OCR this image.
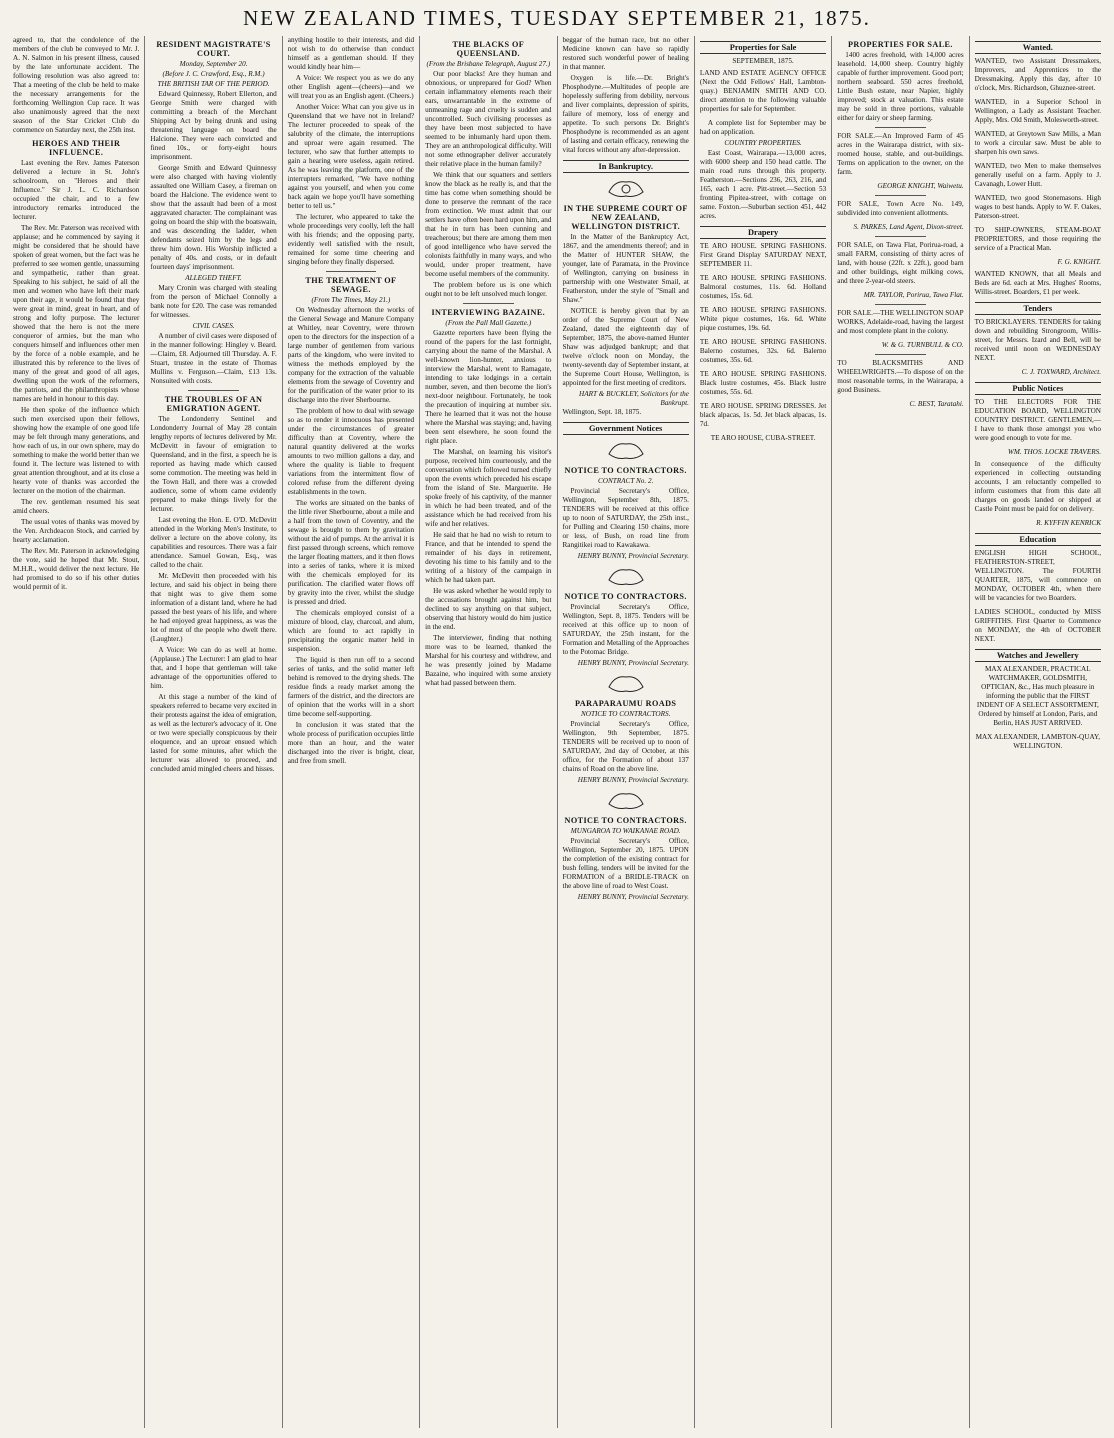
NEW ZEALAND TIMES, TUESDAY SEPTEMBER 21, 1875.

agreed to, that the condolence of the members of the club be conveyed to Mr. J. A. N. Salmon in his present illness, caused by the late unfortunate accident. The following resolution was also agreed to: That a meeting of the club be held to make the necessary arrangements for the forthcoming Wellington Cup race. It was also unanimously agreed that the next season of the Star Cricket Club do commence on Saturday next, the 25th inst.

HEROES AND THEIR INFLUENCE.

Last evening the Rev. James Paterson delivered a lecture in St. John's schoolroom, on "Heroes and their Influence." Sir J. L. C. Richardson occupied the chair, and to a few introductory remarks introduced the lecturer.

The Rev. Mr. Paterson was received with applause; and he commenced by saying it might be considered that he should have spoken of great women, but the fact was he preferred to see women gentle, unassuming and sympathetic, rather than great. Speaking to his subject, he said of all the men and women who have left their mark upon their age, it would be found that they were great in mind, great in heart, and of strong and lofty purpose. The lecturer showed that the hero is not the mere conqueror of armies, but the man who conquers himself and influences other men by the force of a noble example, and he illustrated this by reference to the lives of many of the great and good of all ages, dwelling upon the work of the reformers, the patriots, and the philanthropists whose names are held in honour to this day.

He then spoke of the influence which such men exercised upon their fellows, showing how the example of one good life may be felt through many generations, and how each of us, in our own sphere, may do something to make the world better than we found it. The lecture was listened to with great attention throughout, and at its close a hearty vote of thanks was accorded the lecturer on the motion of the chairman.

The rev. gentleman resumed his seat amid cheers.

The usual votes of thanks was moved by the Ven. Archdeacon Stock, and carried by hearty acclamation.

The Rev. Mr. Paterson in acknowledging the vote, said he hoped that Mr. Stout, M.H.R., would deliver the next lecture. He had promised to do so if his other duties would permit of it.

RESIDENT MAGISTRATE'S COURT.
Monday, September 20.
(Before J. C. Crawford, Esq., R.M.)
THE BRITISH TAR OF THE PERIOD.

Edward Quinnessy, Robert Ellerton, and George Smith were charged with committing a breach of the Merchant Shipping Act by being drunk and using threatening language on board the Halcione. They were each convicted and fined 10s., or forty-eight hours imprisonment.

George Smith and Edward Quinnessy were also charged with having violently assaulted one William Casey, a fireman on board the Halcione. The evidence went to show that the assault had been of a most aggravated character. The complainant was going on board the ship with the boatswain, and was descending the ladder, when defendants seized him by the legs and threw him down. His Worship inflicted a penalty of 40s. and costs, or in default fourteen days' imprisonment.

ALLEGED THEFT.

Mary Cronin was charged with stealing from the person of Michael Connolly a bank note for £20. The case was remanded for witnesses.

CIVIL CASES.

A number of civil cases were disposed of in the manner following: Hingley v. Beard.—Claim, £8. Adjourned till Thursday. A. F. Stuart, trustee in the estate of Thomas Mullins v. Ferguson.—Claim, £13 13s. Nonsuited with costs.

THE TROUBLES OF AN EMIGRATION AGENT.

The Londonderry Sentinel and Londonderry Journal of May 28 contain lengthy reports of lectures delivered by Mr. McDevitt in favour of emigration to Queensland, and in the first, a speech he is reported as having made which caused some commotion. The meeting was held in the Town Hall, and there was a crowded audience, some of whom came evidently prepared to make things lively for the lecturer.

Last evening the Hon. E. O'D. McDevitt attended in the Working Men's Institute, to deliver a lecture on the above colony, its capabilities and resources. There was a fair attendance. Samuel Gowan, Esq., was called to the chair.

Mr. McDevitt then proceeded with his lecture, and said his object in being there that night was to give them some information of a distant land, where he had passed the best years of his life, and where he had enjoyed great happiness, as was the lot of most of the people who dwelt there. (Laughter.)

A Voice: We can do as well at home. (Applause.) The Lecturer: I am glad to hear that, and I hope that gentleman will take advantage of the opportunities offered to him.

At this stage a number of the kind of speakers referred to became very excited in their protests against the idea of emigration, as well as the lecturer's advocacy of it. One or two were specially conspicuous by their eloquence, and an uproar ensued which lasted for some minutes, after which the lecturer was allowed to proceed, and concluded amid mingled cheers and hisses.

anything hostile to their interests, and did not wish to do otherwise than conduct himself as a gentleman should. If they would kindly hear him—

A Voice: We respect you as we do any other English agent—(cheers)—and we will treat you as an English agent. (Cheers.)

Another Voice: What can you give us in Queensland that we have not in Ireland? The lecturer proceeded to speak of the salubrity of the climate, the interruptions and uproar were again resumed. The lecturer, who saw that further attempts to gain a hearing were useless, again retired. As he was leaving the platform, one of the interrupters remarked, "We have nothing against you yourself, and when you come back again we hope you'll have something better to tell us."

The lecturer, who appeared to take the whole proceedings very coolly, left the hall with his friends; and the opposing party, evidently well satisfied with the result, remained for some time cheering and singing before they finally dispersed.

THE TREATMENT OF SEWAGE.
(From The Times, May 21.)

On Wednesday afternoon the works of the General Sewage and Manure Company at Whitley, near Coventry, were thrown open to the directors for the inspection of a large number of gentlemen from various parts of the kingdom, who were invited to witness the methods employed by the company for the extraction of the valuable elements from the sewage of Coventry and for the purification of the water prior to its discharge into the river Sherbourne.

The problem of how to deal with sewage so as to render it innocuous has presented under the circumstances of greater difficulty than at Coventry, where the natural quantity delivered at the works amounts to two million gallons a day, and where the quality is liable to frequent variations from the intermittent flow of colored refuse from the different dyeing establishments in the town.

The works are situated on the banks of the little river Sherbourne, about a mile and a half from the town of Coventry, and the sewage is brought to them by gravitation without the aid of pumps. At the arrival it is first passed through screens, which remove the larger floating matters, and it then flows into a series of tanks, where it is mixed with the chemicals employed for its purification. The clarified water flows off by gravity into the river, whilst the sludge is pressed and dried.

The chemicals employed consist of a mixture of blood, clay, charcoal, and alum, which are found to act rapidly in precipitating the organic matter held in suspension.

The liquid is then run off to a second series of tanks, and the solid matter left behind is removed to the drying sheds. The residue finds a ready market among the farmers of the district, and the directors are of opinion that the works will in a short time become self-supporting.

In conclusion it was stated that the whole process of purification occupies little more than an hour, and the water discharged into the river is bright, clear, and free from smell.

THE BLACKS OF QUEENSLAND.
(From the Brisbane Telegraph, August 27.)

Our poor blacks! Are they human and obnoxious, or unprepared for God? When certain inflammatory elements reach their ears, unwarrantable in the extreme of unmeaning rage and cruelty is sudden and uncontrolled. Such civilising processes as they have been most subjected to have seemed to be inhumanly hard upon them. They are an anthropological difficulty. Will not some ethnographer deliver accurately their relative place in the human family?

We think that our squatters and settlers know the black as he really is, and that the time has come when something should be done to preserve the remnant of the race from extinction. We must admit that our settlers have often been hard upon him, and that he in turn has been cunning and treacherous; but there are among them men of good intelligence who have served the colonists faithfully in many ways, and who would, under proper treatment, have become useful members of the community.

The problem before us is one which ought not to be left unsolved much longer.

INTERVIEWING BAZAINE.
(From the Pall Mall Gazette.)

Gazette reporters have been flying the round of the papers for the last fortnight, carrying about the name of the Marshal. A well-known lion-hunter, anxious to interview the Marshal, went to Ramagate, intending to take lodgings in a certain number, seven, and then become the lion's next-door neighbour. Fortunately, he took the precaution of inquiring at number six. There he learned that it was not the house where the Marshal was staying; and, having been sent elsewhere, he soon found the right place.

The Marshal, on learning his visitor's purpose, received him courteously, and the conversation which followed turned chiefly upon the events which preceded his escape from the island of Ste. Marguerite. He spoke freely of his captivity, of the manner in which he had been treated, and of the assistance which he had received from his wife and her relatives.

He said that he had no wish to return to France, and that he intended to spend the remainder of his days in retirement, devoting his time to his family and to the writing of a history of the campaign in which he had taken part.

He was asked whether he would reply to the accusations brought against him, but declined to say anything on that subject, observing that history would do him justice in the end.

The interviewer, finding that nothing more was to be learned, thanked the Marshal for his courtesy and withdrew, and he was presently joined by Madame Bazaine, who inquired with some anxiety what had passed between them.

beggar of the human race, but no other Medicine known can have so rapidly restored such wonderful power of healing in that manner.

Oxygen is life.—Dr. Bright's Phosphodyne.—Multitudes of people are hopelessly suffering from debility, nervous and liver complaints, depression of spirits, failure of memory, loss of energy and appetite. To such persons Dr. Bright's Phosphodyne is recommended as an agent of lasting and certain efficacy, renewing the vital forces without any after-depression.

In Bankruptcy.
IN THE SUPREME COURT OF NEW ZEALAND, WELLINGTON DISTRICT.

In the Matter of the Bankruptcy Act, 1867, and the amendments thereof; and in the Matter of HUNTER SHAW, the younger, late of Paramata, in the Province of Wellington, carrying on business in partnership with one Westwater Smail, at Featherston, under the style of "Small and Shaw."

NOTICE is hereby given that by an order of the Supreme Court of New Zealand, dated the eighteenth day of September, 1875, the above-named Hunter Shaw was adjudged bankrupt; and that twelve o'clock noon on Monday, the twenty-seventh day of September instant, at the Supreme Court House, Wellington, is appointed for the first meeting of creditors.

HART & BUCKLEY, Solicitors for the Bankrupt.
Wellington, Sept. 18, 1875.
Government Notices
NOTICE TO CONTRACTORS.
CONTRACT No. 2.

Provincial Secretary's Office, Wellington, September 8th, 1875. TENDERS will be received at this office up to noon of SATURDAY, the 25th inst., for Pulling and Clearing 150 chains, more or less, of Bush, on road line from Rangitikei road to Kawakawa.

HENRY BUNNY, Provincial Secretary.
NOTICE TO CONTRACTORS.

Provincial Secretary's Office, Wellington, Sept. 8, 1875. Tenders will be received at this office up to noon of SATURDAY, the 25th instant, for the Formation and Metalling of the Approaches to the Potomac Bridge.

HENRY BUNNY, Provincial Secretary.
PARAPARAUMU ROADS
NOTICE TO CONTRACTORS.

Provincial Secretary's Office, Wellington, 9th September, 1875. TENDERS will be received up to noon of SATURDAY, 2nd day of October, at this office, for the Formation of about 137 chains of Road on the above line.

HENRY BUNNY, Provincial Secretary.
NOTICE TO CONTRACTORS.
MUNGAROA TO WAIKANAE ROAD.

Provincial Secretary's Office, Wellington, September 20, 1875. UPON the completion of the existing contract for bush felling, tenders will be invited for the FORMATION of a BRIDLE-TRACK on the above line of road to West Coast.

HENRY BUNNY, Provincial Secretary.
Properties for Sale
SEPTEMBER, 1875.

LAND AND ESTATE AGENCY OFFICE (Next the Odd Fellows' Hall, Lambton-quay.) BENJAMIN SMITH AND CO. direct attention to the following valuable properties for sale for September.

A complete list for September may be had on application.

COUNTRY PROPERTIES.

East Coast, Wairarapa.—13,000 acres, with 6000 sheep and 150 head cattle. The main road runs through this property. Featherston.—Sections 236, 263, 216, and 165, each 1 acre. Pitt-street.—Section 53 fronting Pipitea-street, with cottage on same. Foxton.—Suburban section 451, 442 acres.

Drapery

TE ARO HOUSE. SPRING FASHIONS. First Grand Display SATURDAY NEXT, SEPTEMBER 11.

TE ARO HOUSE. SPRING FASHIONS. Balmoral costumes, 11s. 6d. Holland costumes, 15s. 6d.

TE ARO HOUSE. SPRING FASHIONS. White pique costumes, 16s. 6d. White pique costumes, 19s. 6d.

TE ARO HOUSE. SPRING FASHIONS. Balerno costumes, 32s. 6d. Balerno costumes, 35s. 6d.

TE ARO HOUSE. SPRING FASHIONS. Black lustre costumes, 45s. Black lustre costumes, 55s. 6d.

TE ARO HOUSE. SPRING DRESSES. Jet black alpacas, 1s. 5d. Jet black alpacas, 1s. 7d.

TE ARO HOUSE, CUBA-STREET.
PROPERTIES FOR SALE.

1400 acres freehold, with 14,000 acres leasehold. 14,000 sheep. Country highly capable of further improvement. Good port; northern seaboard. 550 acres freehold, Little Bush estate, near Napier, highly improved; stock at valuation. This estate may be sold in three portions, valuable either for dairy or sheep farming.

FOR SALE.—An Improved Farm of 45 acres in the Wairarapa district, with six-roomed house, stable, and out-buildings. Terms on application to the owner, on the farm.

GEORGE KNIGHT, Waiwetu.

FOR SALE, Town Acre No. 149, subdivided into convenient allotments.

S. PARKES, Land Agent, Dixon-street.

FOR SALE, on Tawa Flat, Porirua-road, a small FARM, consisting of thirty acres of land, with house (22ft. x 22ft.), good barn and other buildings, eight milking cows, and three 2-year-old steers.

MR. TAYLOR, Porirua, Tawa Flat.

FOR SALE.—THE WELLINGTON SOAP WORKS, Adelaide-road, having the largest and most complete plant in the colony.

W. & G. TURNBULL & CO.

TO BLACKSMITHS AND WHEELWRIGHTS.—To dispose of on the most reasonable terms, in the Wairarapa, a good Business.

C. BEST, Taratahi.
Wanted.

WANTED, two Assistant Dressmakers, Improvers, and Apprentices to the Dressmaking. Apply this day, after 10 o'clock, Mrs. Richardson, Ghuznee-street.

WANTED, in a Superior School in Wellington, a Lady as Assistant Teacher. Apply, Mrs. Old Smith, Molesworth-street.

WANTED, at Greytown Saw Mills, a Man to work a circular saw. Must be able to sharpen his own saws.

WANTED, two Men to make themselves generally useful on a farm. Apply to J. Cavanagh, Lower Hutt.

WANTED, two good Stonemasons. High wages to best hands. Apply to W. F. Oakes, Paterson-street.

TO SHIP-OWNERS, STEAM-BOAT PROPRIETORS, and those requiring the service of a Practical Man.

F. G. KNIGHT.

WANTED KNOWN, that all Meals and Beds are 6d. each at Mrs. Hughes' Rooms, Willis-street. Boarders, £1 per week.

Tenders

TO BRICKLAYERS. TENDERS for taking down and rebuilding Strongroom, Willis-street, for Messrs. Izard and Bell, will be received until noon on WEDNESDAY NEXT.

C. J. TOXWARD, Architect.
Public Notices

TO THE ELECTORS FOR THE EDUCATION BOARD, WELLINGTON COUNTRY DISTRICT. GENTLEMEN,—I have to thank those amongst you who were good enough to vote for me.

WM. THOS. LOCKE TRAVERS.

In consequence of the difficulty experienced in collecting outstanding accounts, I am reluctantly compelled to inform customers that from this date all charges on goods landed or shipped at Castle Point must be paid for on delivery.

R. KYFFIN KENRICK
Education

ENGLISH HIGH SCHOOL, FEATHERSTON-STREET, WELLINGTON. The FOURTH QUARTER, 1875, will commence on MONDAY, OCTOBER 4th, when there will be vacancies for two Boarders.

LADIES SCHOOL, conducted by MISS GRIFFITHS. First Quarter to Commence on MONDAY, the 4th of OCTOBER NEXT.

Watches and Jewellery

MAX ALEXANDER, PRACTICAL WATCHMAKER, GOLDSMITH, OPTICIAN, &c., Has much pleasure in informing the public that the FIRST INDENT OF A SELECT ASSORTMENT, Ordered by himself at London, Paris, and Berlin, HAS JUST ARRIVED.

MAX ALEXANDER, LAMBTON-QUAY, WELLINGTON.
